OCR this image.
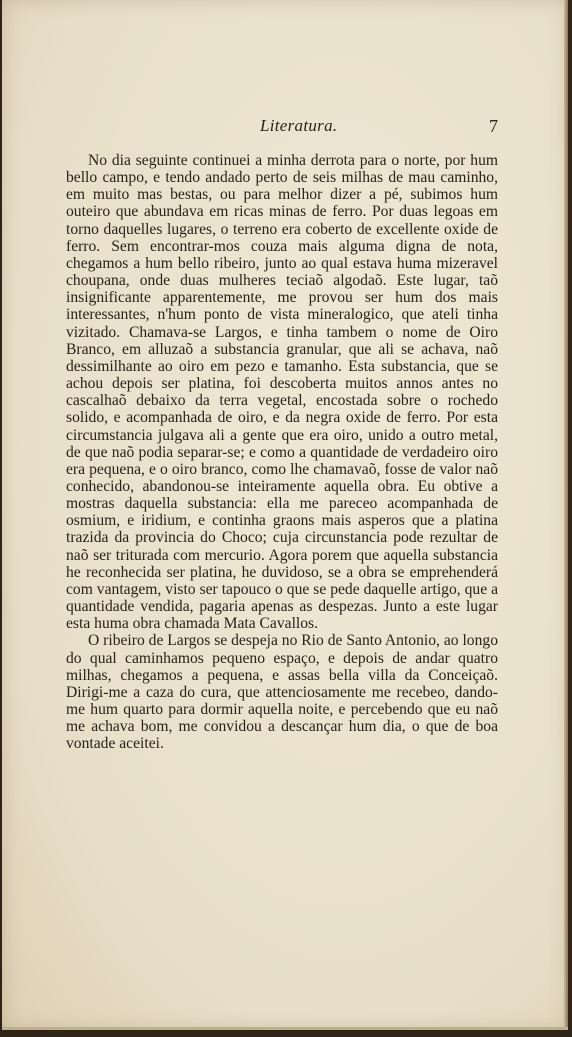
Literatura.	7

No dia seguinte continuei a minha derrota para o norte, por hum bello campo, e tendo andado perto de seis milhas de mau caminho, em muito mas bestas, ou para melhor dizer a pé, subimos hum outeiro que abundava em ricas minas de ferro. Por duas legoas em torno daquelles lugares, o terreno era coberto de excellente oxide de ferro. Sem encontrar-mos couza mais alguma digna de nota, chegamos a hum bello ribeiro, junto ao qual estava huma mizeravel choupana, onde duas mulheres teciaõ algodaõ. Este lugar, taõ insignificante apparentemente, me provou ser hum dos mais interessantes, n'hum ponto de vista mineralogico, que ateli tinha vizitado. Chamava-se Largos, e tinha tambem o nome de Oiro Branco, em alluzaõ a substancia granular, que ali se achava, naõ dessimilhante ao oiro em pezo e tamanho. Esta substancia, que se achou depois ser platina, foi descoberta muitos annos antes no cascalhaõ debaixo da terra vegetal, encostada sobre o rochedo solido, e acompanhada de oiro, e da negra oxide de ferro. Por esta circumstancia julgava ali a gente que era oiro, unido a outro metal, de que naõ podia separar-se; e como a quantidade de verdadeiro oiro era pequena, e o oiro branco, como lhe chamavaõ, fosse de valor naõ conhecido, abandonou-se inteiramente aquella obra. Eu obtive a mostras daquella substancia: ella me pareceo acompanhada de osmium, e iridium, e continha graons mais asperos que a platina trazida da provincia do Choco; cuja circunstancia pode rezultar de naõ ser triturada com mercurio. Agora porem que aquella substancia he reconhecida ser platina, he duvidoso, se a obra se emprehenderá com vantagem, visto ser tapouco o que se pede daquelle artigo, que a quantidade vendida, pagaria apenas as despezas. Junto a este lugar esta huma obra chamada Mata Cavallos.

O ribeiro de Largos se despeja no Rio de Santo Antonio, ao longo do qual caminhamos pequeno espaço, e depois de andar quatro milhas, chegamos a pequena, e assas bella villa da Conceiçaõ. Dirigi-me a caza do cura, que attenciosamente me recebeo, dando-me hum quarto para dormir aquella noite, e percebendo que eu naõ me achava bom, me convidou a descançar hum dia, o que de boa vontade aceitei.
